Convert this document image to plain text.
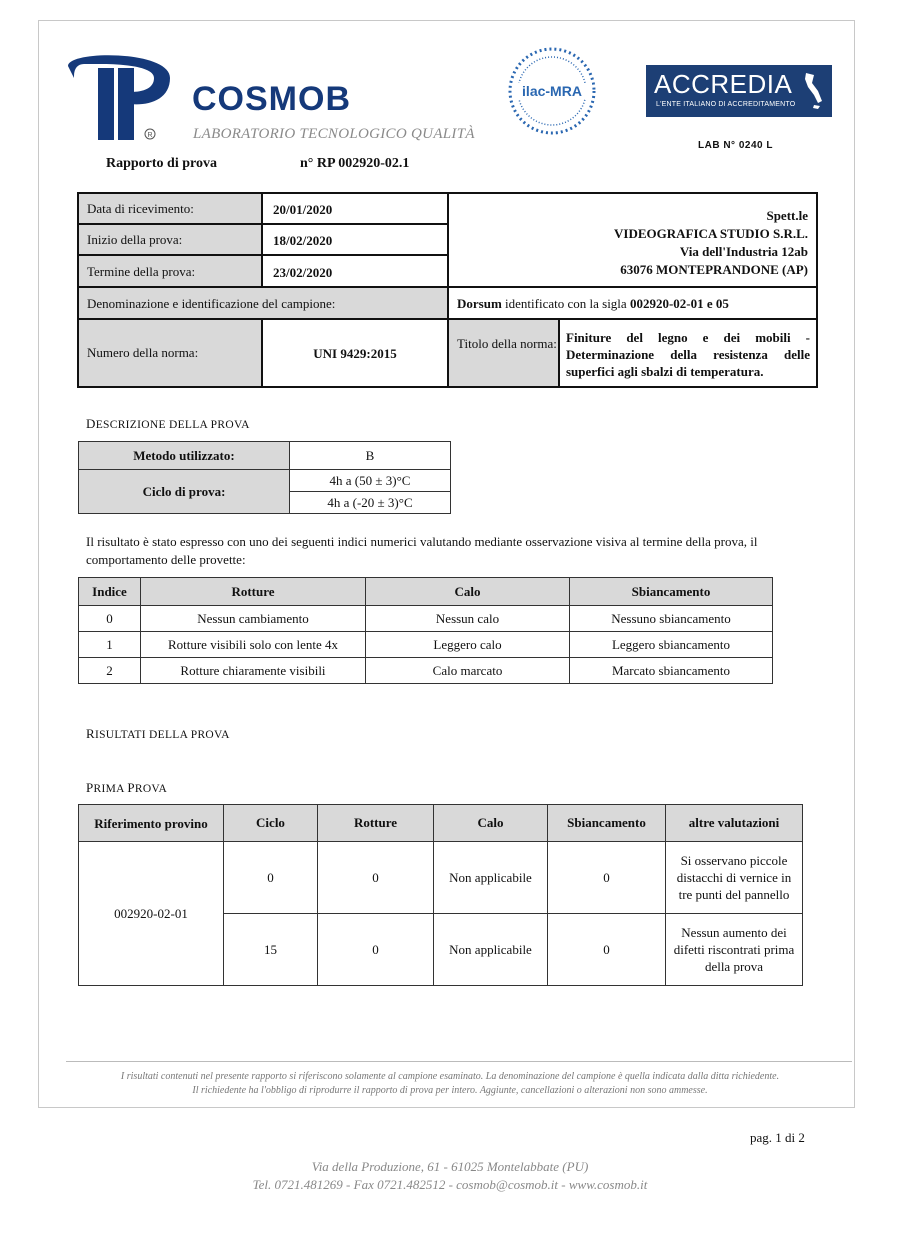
R
COSMOB
LABORATORIO TECNOLOGICO QUALITÀ
ilac-MRA	ACCREDIA
L'ENTE ITALIANO DI ACCREDITAMENTO
LAB N° 0240 L
Rapporto di prova	n° RP 002920-02.1
Data di ricevimento:	20/01/2020
Inizio della prova:	18/02/2020
Termine della prova:	23/02/2020
Spett.le
VIDEOGRAFICA STUDIO S.R.L.
Via dell'Industria 12ab
63076 MONTEPRANDONE (AP)
Denominazione e identificazione del campione:	Dorsum identificato con la sigla 002920-02-01 e 05
Numero della norma:	UNI 9429:2015
Titolo della norma: Finiture del legno e dei mobili - Determinazione della resistenza delle superfici agli sbalzi di temperatura.
DESCRIZIONE DELLA PROVA
Metodo utilizzato:	B
Ciclo di prova:	4h a (50 ± 3)°C
	4h a (-20 ± 3)°C
Il risultato è stato espresso con uno dei seguenti indici numerici valutando mediante osservazione visiva al termine della prova, il comportamento delle provette:
Indice	Rotture	Calo	Sbiancamento
0	Nessun cambiamento	Nessun calo	Nessuno sbiancamento
1	Rotture visibili solo con lente 4x	Leggero calo	Leggero sbiancamento
2	Rotture chiaramente visibili	Calo marcato	Marcato sbiancamento
RISULTATI DELLA PROVA
PRIMA PROVA
Riferimento provino	Ciclo	Rotture	Calo	Sbiancamento	altre valutazioni
002920-02-01	0	0	Non applicabile	0	Si osservano piccole distacchi di vernice in tre punti del pannello
	15	0	Non applicabile	0	Nessun aumento dei difetti riscontrati prima della prova
I risultati contenuti nel presente rapporto si riferiscono solamente al campione esaminato. La denominazione del campione è quella indicata dalla ditta richiedente.
Il richiedente ha l'obbligo di riprodurre il rapporto di prova per intero. Aggiunte, cancellazioni o alterazioni non sono ammesse.
pag. 1 di 2
Via della Produzione, 61 - 61025 Montelabbate (PU)
Tel. 0721.481269 - Fax 0721.482512 - cosmob@cosmob.it - www.cosmob.it
